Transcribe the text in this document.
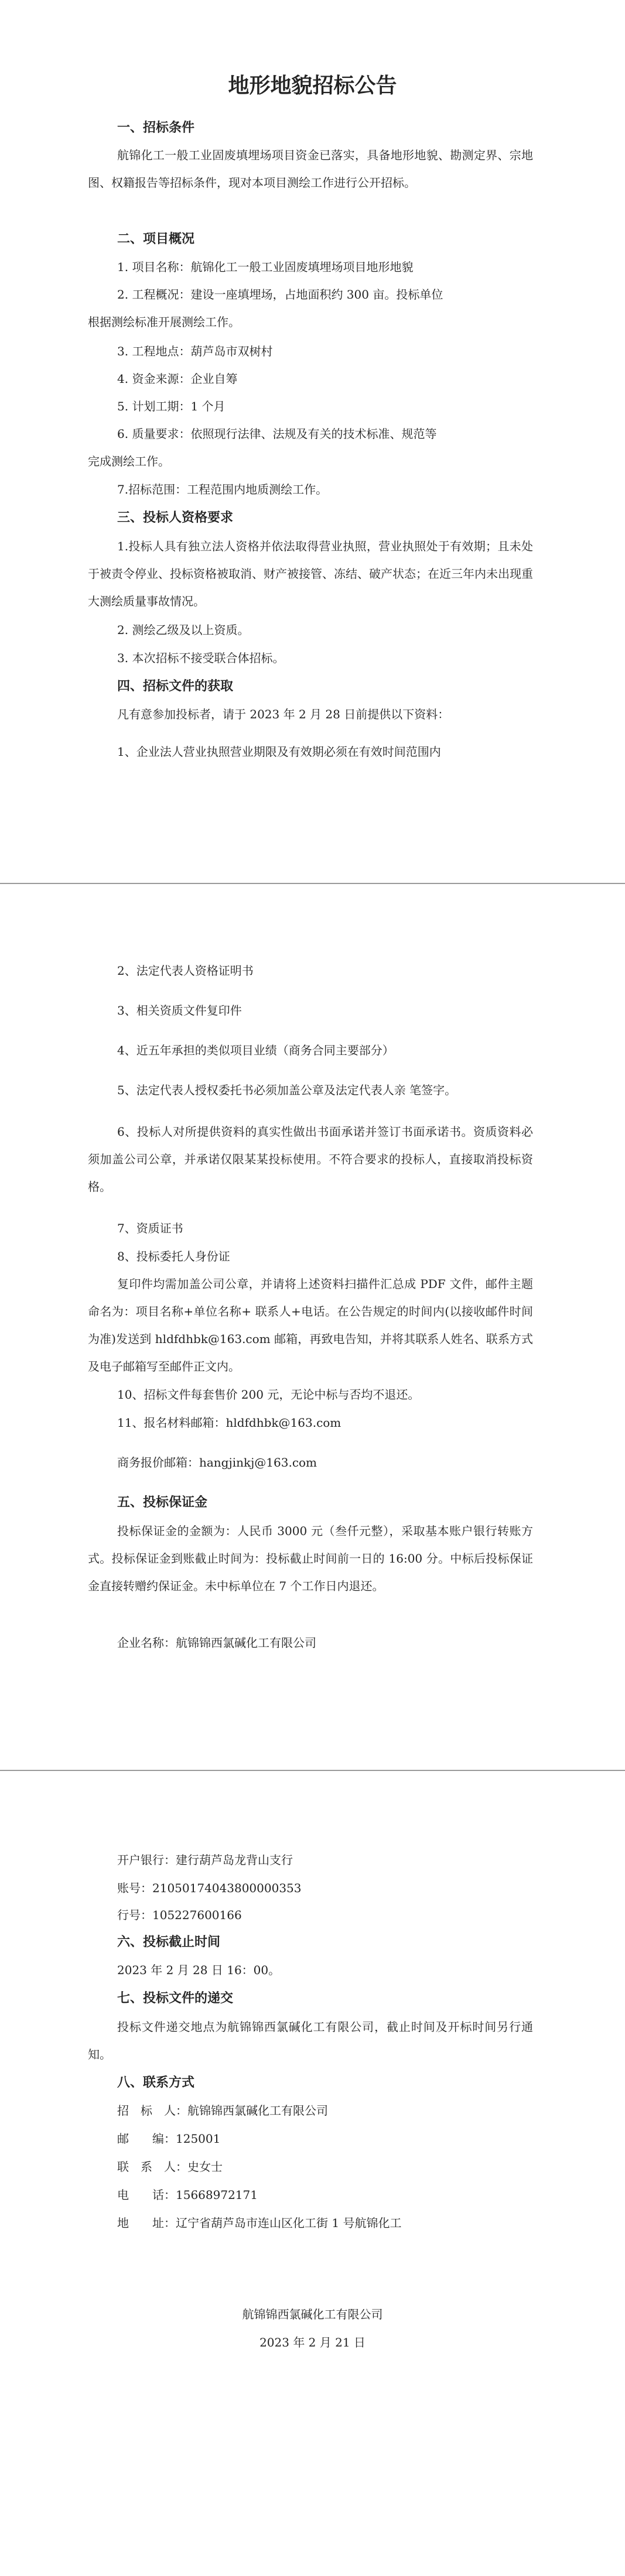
地形地貌招标公告
一、招标条件
航锦化工一般工业固废填埋场项目资金已落实，具备地形地貌、勘测定界、宗地图、权籍报告等招标条件，现对本项目测绘工作进行公开招标。
二、项目概况
1. 项目名称：航锦化工一般工业固废填埋场项目地形地貌
2. 工程概况：建设一座填埋场，占地面积约 300 亩。投标单位
根据测绘标准开展测绘工作。
3. 工程地点：葫芦岛市双树村
4. 资金来源：企业自筹
5. 计划工期：1 个月
6. 质量要求：依照现行法律、法规及有关的技术标准、规范等
完成测绘工作。
7.招标范围：工程范围内地质测绘工作。
三、投标人资格要求
1.投标人具有独立法人资格并依法取得营业执照，营业执照处于有效期；且未处于被责令停业、投标资格被取消、财产被接管、冻结、破产状态；在近三年内未出现重大测绘质量事故情况。
2. 测绘乙级及以上资质。
3. 本次招标不接受联合体招标。
四、招标文件的获取
凡有意参加投标者，请于 2023 年 2 月 28 日前提供以下资料：
1、企业法人营业执照营业期限及有效期必须在有效时间范围内
2、法定代表人资格证明书
3、相关资质文件复印件
4、近五年承担的类似项目业绩（商务合同主要部分）
5、法定代表人授权委托书必须加盖公章及法定代表人亲 笔签字。
6、投标人对所提供资料的真实性做出书面承诺并签订书面承诺书。资质资料必须加盖公司公章，并承诺仅限某某投标使用。不符合要求的投标人，直接取消投标资格。
7、资质证书
8、投标委托人身份证
复印件均需加盖公司公章，并请将上述资料扫描件汇总成 PDF 文件，邮件主题命名为：项目名称+单位名称+ 联系人+电话。在公告规定的时间内(以接收邮件时间为准)发送到 hldfdhbk@163.com 邮箱，再致电告知，并将其联系人姓名、联系方式及电子邮箱写至邮件正文内。
10、招标文件每套售价 200 元，无论中标与否均不退还。
11、报名材料邮箱：hldfdhbk@163.com
商务报价邮箱：hangjinkj@163.com
五、投标保证金
投标保证金的金额为：人民币 3000 元（叁仟元整），采取基本账户银行转账方式。投标保证金到账截止时间为：投标截止时间前一日的 16:00 分。中标后投标保证金直接转赠约保证金。未中标单位在 7 个工作日内退还。
企业名称：航锦锦西氯碱化工有限公司
开户银行：建行葫芦岛龙背山支行
账号：21050174043800000353
行号：105227600166
六、投标截止时间
2023 年 2 月 28 日 16：00。
七、投标文件的递交
投标文件递交地点为航锦锦西氯碱化工有限公司，截止时间及开标时间另行通知。
八、联系方式
招　标　人：航锦锦西氯碱化工有限公司
邮　　编：125001
联　系　人：史女士
电　　话：15668972171
地　　址：辽宁省葫芦岛市连山区化工街 1 号航锦化工
航锦锦西氯碱化工有限公司
2023 年 2 月 21 日
